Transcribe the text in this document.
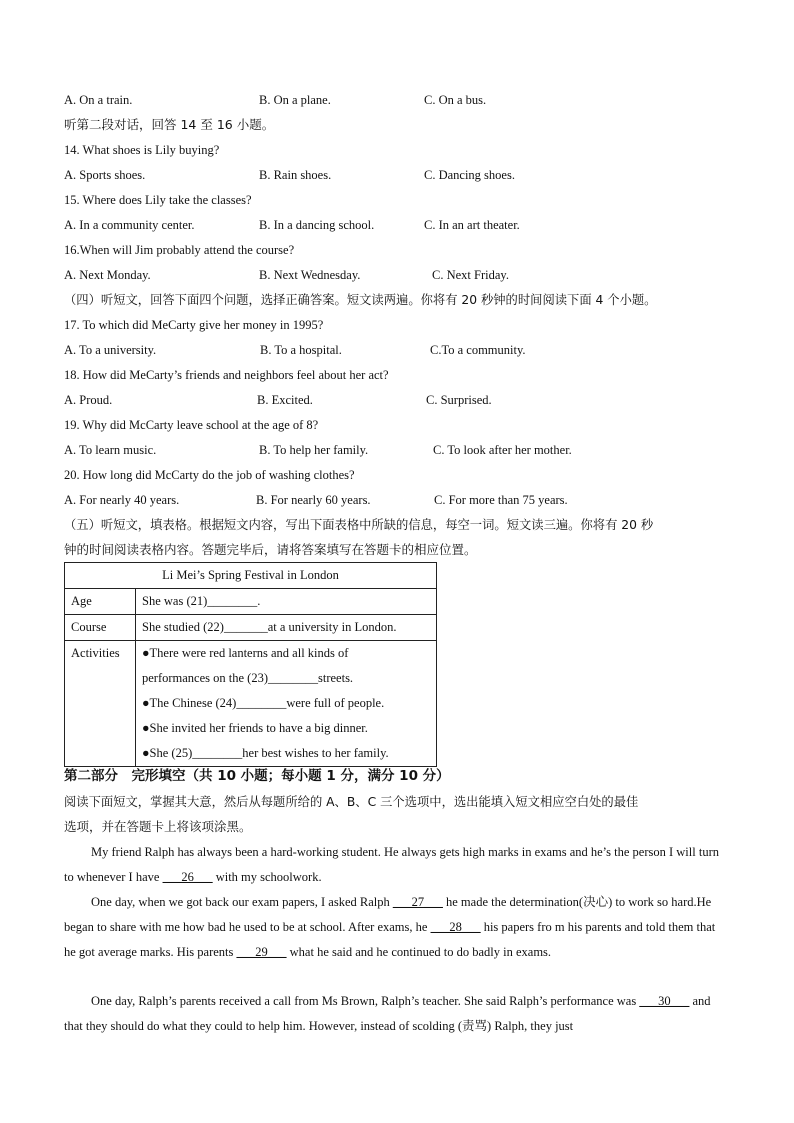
A. On a train.	B. On a plane.	C. On a bus.
听第二段对话，回答 14 至 16 小题。
14. What shoes is Lily buying?
A. Sports shoes.	B. Rain shoes.	C. Dancing shoes.
15. Where does Lily take the classes?
A. In a community center.	B. In a dancing school.	C. In an art theater.
16.When will Jim probably attend the course?
A. Next Monday.	B. Next Wednesday.	C. Next Friday.
（四）听短文，回答下面四个问题，选择正确答案。短文读两遍。你将有 20 秒钟的时间阅读下面 4 个小题。
17. To which did MeCarty give her money in 1995?
A. To a university.	B. To a hospital.	C.To a community.
18. How did MeCarty’s friends and neighbors feel about her act?
A. Proud.	B. Excited.	C. Surprised.
19. Why did McCarty leave school at the age of 8?
A. To learn music.	B. To help her family.	C. To look after her mother.
20. How long did McCarty do the job of washing clothes?
A. For nearly 40 years.	B. For nearly 60 years.	C. For more than 75 years.
（五）听短文，填表格。根据短文内容，写出下面表格中所缺的信息，每空一词。短文读三遍。你将有 20 秒
钟的时间阅读表格内容。答题完毕后，请将答案填写在答题卡的相应位置。
Li Mei’s Spring Festival in London	
Age	She was (21)________.
Course	She studied (22)_______at a university in London.
Activities	●There were red lanterns and all kinds of
performances on the (23)________streets.
●The Chinese (24)________were full of people.
●She invited her friends to have a big dinner.
●She (25)________her best wishes to her family.
第二部分　完形填空（共 10 小题；每小题 1 分，满分 10 分）
阅读下面短文，掌握其大意，然后从每题所给的 A、B、C 三个选项中，选出能填入短文相应空白处的最佳
选项，并在答题卡上将该项涂黑。
My friend Ralph has always been a hard-working student. He always gets high marks in exams and he’s the person I will turn to whenever I have ___26___ with my schoolwork.
One day, when we got back our exam papers, I asked Ralph ___27___ he made the determination(决心) to work so hard.He began to share with me how bad he used to be at school. After exams, he ___28___ his papers fro m his parents and told them that he got average marks. His parents ___29___ what he said and he continued to do badly in exams.
One day, Ralph’s parents received a call from Ms Brown, Ralph’s teacher. She said Ralph’s performance was ___30___ and that they should do what they could to help him. However, instead of scolding (责骂) Ralph, they just
